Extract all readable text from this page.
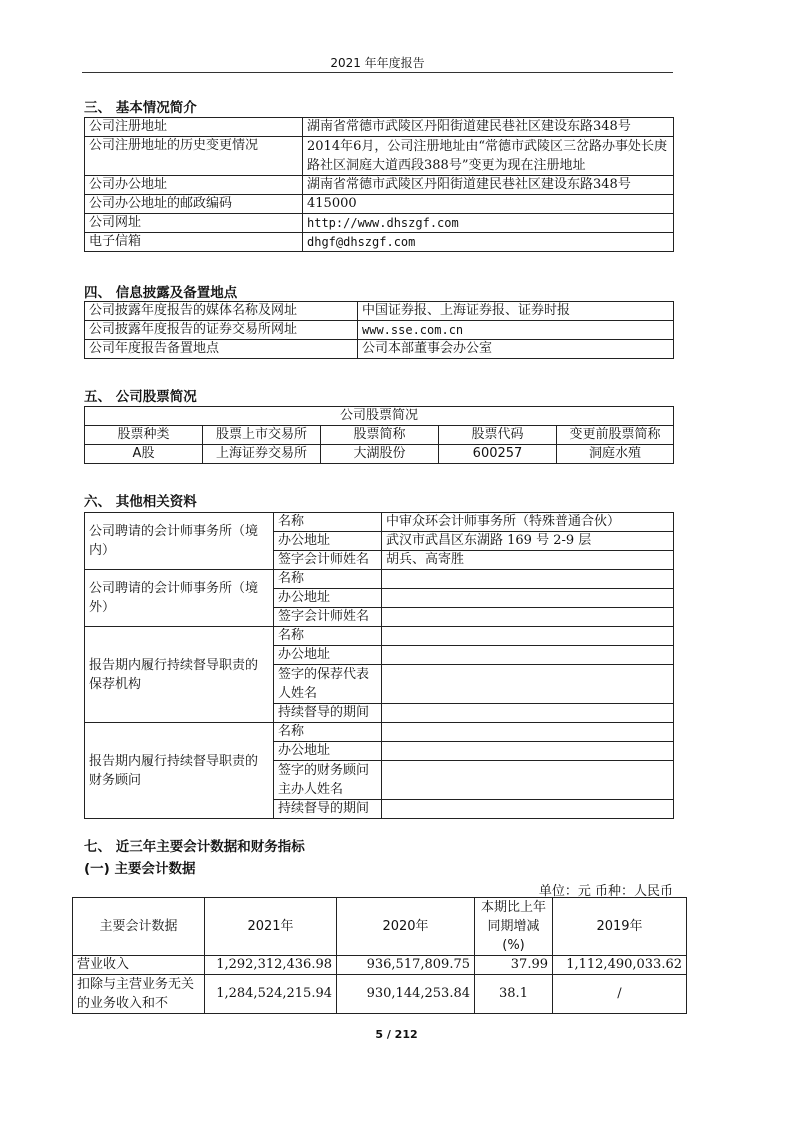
2021 年年度报告
三、 基本情况简介
公司注册地址	湖南省常德市武陵区丹阳街道建民巷社区建设东路348号
公司注册地址的历史变更情况	2014年6月，公司注册地址由“常德市武陵区三岔路办事处长庚路社区洞庭大道西段388号”变更为现在注册地址
公司办公地址	湖南省常德市武陵区丹阳街道建民巷社区建设东路348号
公司办公地址的邮政编码	415000
公司网址	http://www.dhszgf.com
电子信箱	dhgf@dhszgf.com
四、 信息披露及备置地点
公司披露年度报告的媒体名称及网址	中国证券报、上海证券报、证券时报
公司披露年度报告的证券交易所网址	www.sse.com.cn
公司年度报告备置地点	公司本部董事会办公室
五、 公司股票简况
公司股票简况				
股票种类	股票上市交易所	股票简称	股票代码	变更前股票简称
A股	上海证券交易所	大湖股份	600257	洞庭水殖
六、 其他相关资料
公司聘请的会计师事务所（境内）	名称	中审众环会计师事务所（特殊普通合伙）
	办公地址	武汉市武昌区东湖路 169 号 2-9 层
	签字会计师姓名	胡兵、高寄胜
公司聘请的会计师事务所（境外）	名称	
	办公地址	
	签字会计师姓名	
报告期内履行持续督导职责的保荐机构	名称	
	办公地址	
	签字的保荐代表人姓名	
	持续督导的期间	
报告期内履行持续督导职责的财务顾问	名称	
	办公地址	
	签字的财务顾问主办人姓名	
	持续督导的期间	
七、 近三年主要会计数据和财务指标
(一) 主要会计数据
单位：元 币种：人民币
主要会计数据	2021年	2020年	本期比上年同期增减(%)	2019年
营业收入	1,292,312,436.98	936,517,809.75	37.99	1,112,490,033.62
扣除与主营业务无关的业务收入和不	1,284,524,215.94	930,144,253.84	38.1	/
5 / 212
